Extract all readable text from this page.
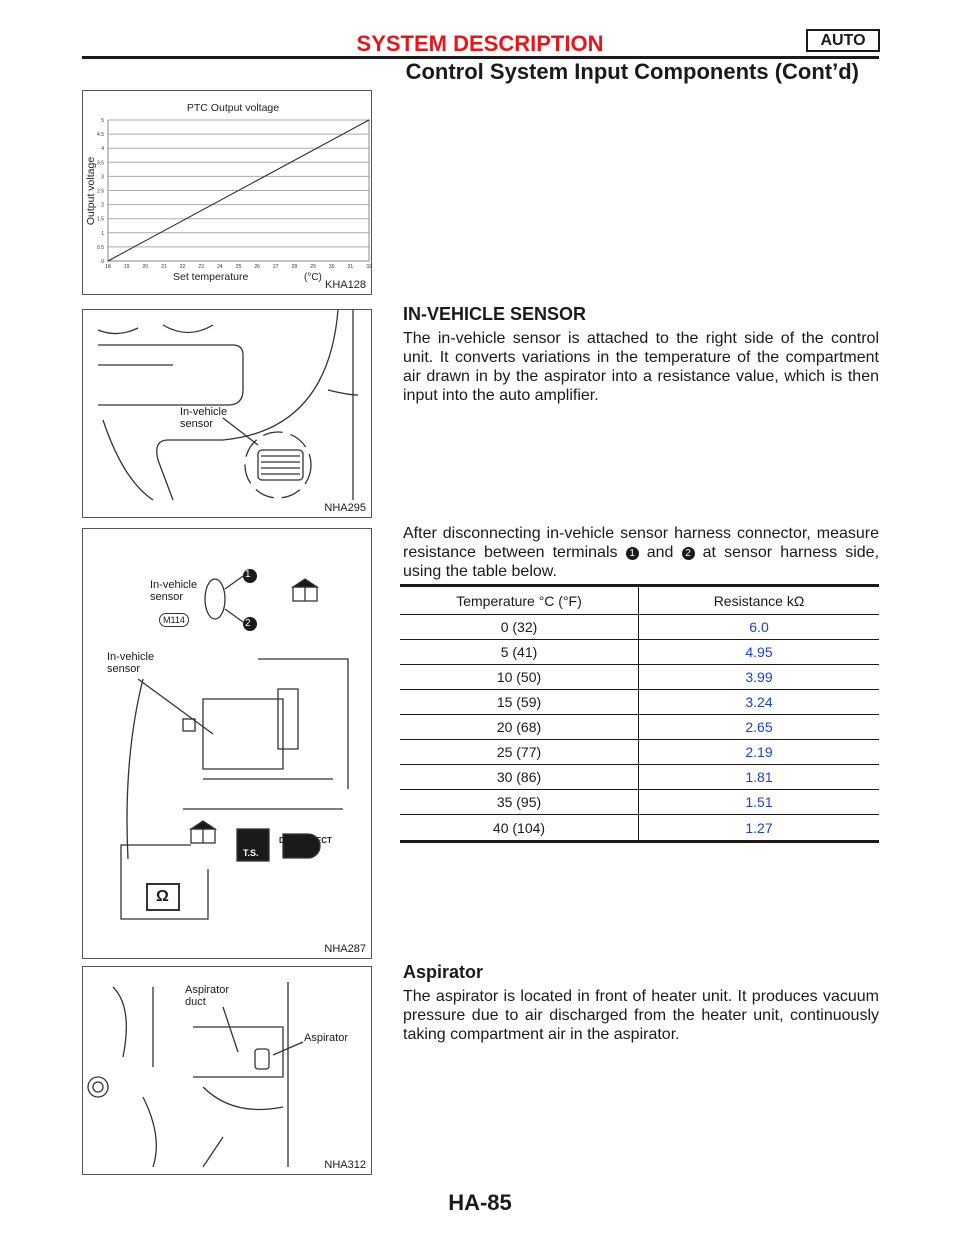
SYSTEM DESCRIPTION	AUTO
Control System Input Components (Cont’d)
0
0.5
1
1.5
2
2.5
3
3.5
4
4.5
5
18	19	20	21	22	23	24	25	26	27	28	29	30	31	32
PTC Output voltage
Set temperature	(°C)
Output voltage
KHA128
In-vehicle sensor
NHA295
In-vehicle sensor
M114
In-vehicle sensor
1
2
DISCONNECT
T.S.
Ω
NHA287
Aspirator duct
Aspirator
NHA312
IN-VEHICLE SENSOR
The in-vehicle sensor is attached to the right side of the control unit. It converts variations in the temperature of the compartment air drawn in by the aspirator into a resistance value, which is then input into the auto amplifier.
After disconnecting in-vehicle sensor harness connector, measure resistance between terminals 1 and 2 at sensor harness side, using the table below.
Temperature °C (°F)	Resistance kΩ
0 (32)	6.0
5 (41)	4.95
10 (50)	3.99
15 (59)	3.24
20 (68)	2.65
25 (77)	2.19
30 (86)	1.81
35 (95)	1.51
40 (104)	1.27
Aspirator
The aspirator is located in front of heater unit. It produces vacuum pressure due to air discharged from the heater unit, continuously taking compartment air in the aspirator.
HA-85
